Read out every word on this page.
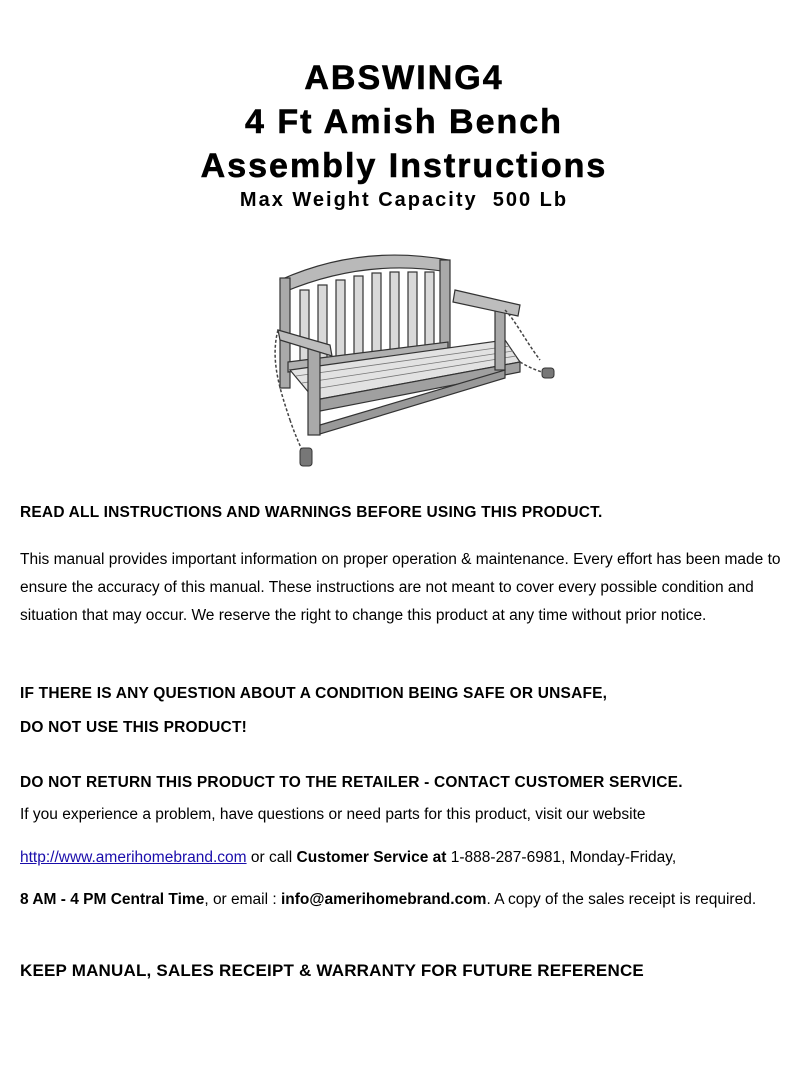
ABSWING4

4 Ft Amish Bench

Assembly Instructions

Max Weight Capacity  500 Lb

READ ALL INSTRUCTIONS AND WARNINGS BEFORE USING THIS PRODUCT.

This manual provides important information on proper operation & maintenance. Every effort has been made to ensure the accuracy of this manual. These instructions are not meant to cover every possible condition and situation that may occur. We reserve the right to change this product at any time without prior notice.

IF THERE IS ANY QUESTION ABOUT A CONDITION BEING SAFE OR UNSAFE,

DO NOT USE THIS PRODUCT!

DO NOT RETURN THIS PRODUCT TO THE RETAILER - CONTACT CUSTOMER SERVICE.

If you experience a problem, have questions or need parts for this product, visit our website

http://www.amerihomebrand.com or call Customer Service at 1-888-287-6981, Monday-Friday,

8 AM - 4 PM Central Time, or email : info@amerihomebrand.com. A copy of the sales receipt is required.

KEEP MANUAL, SALES RECEIPT & WARRANTY FOR FUTURE REFERENCE
